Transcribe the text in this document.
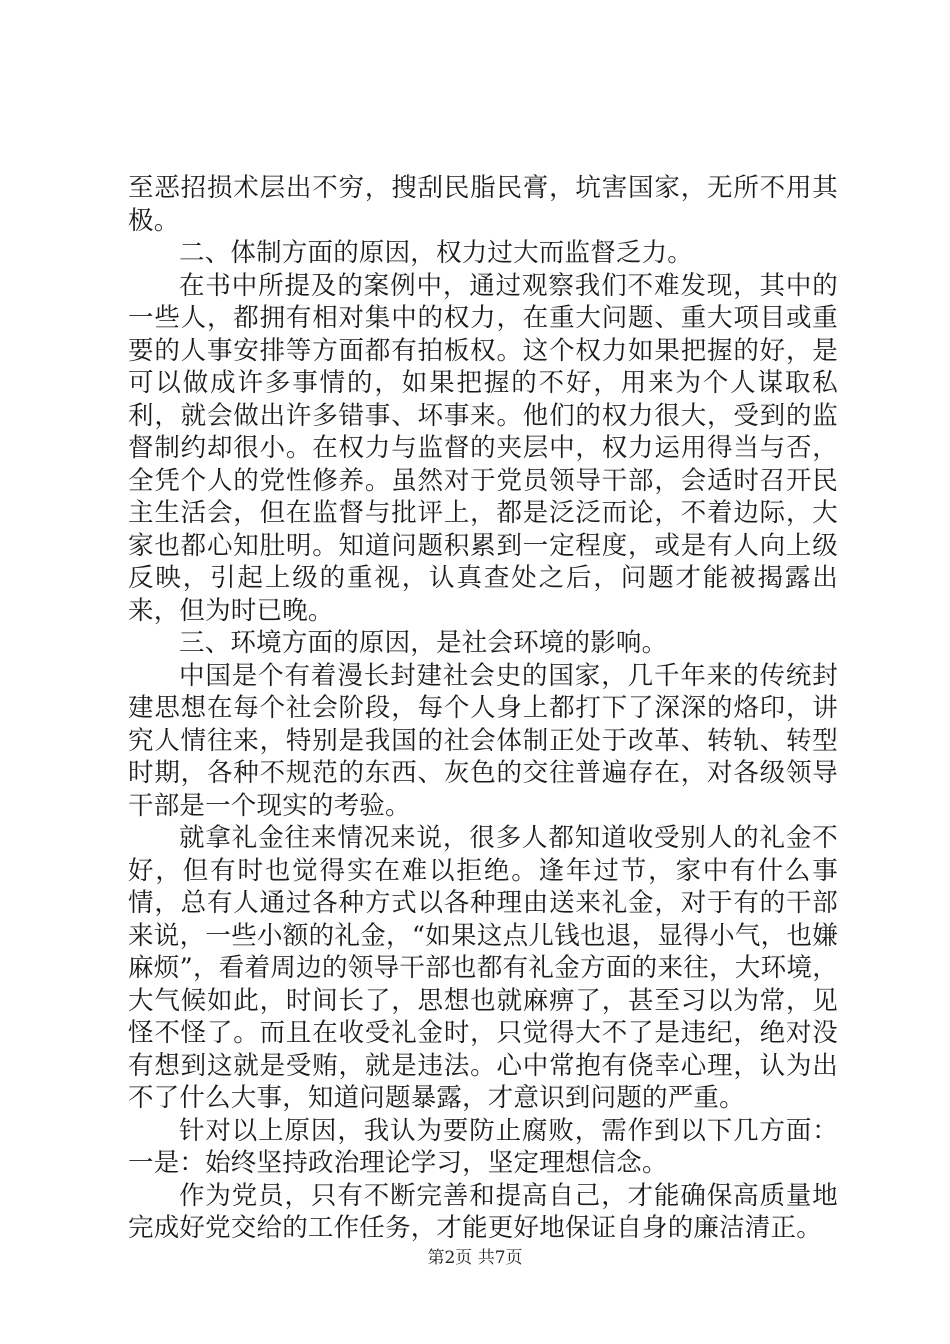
至恶招损术层出不穷，搜刮民脂民膏，坑害国家，无所不用其极。

二、体制方面的原因，权力过大而监督乏力。

在书中所提及的案例中，通过观察我们不难发现，其中的一些人，都拥有相对集中的权力，在重大问题、重大项目或重要的人事安排等方面都有拍板权。这个权力如果把握的好，是可以做成许多事情的，如果把握的不好，用来为个人谋取私利，就会做出许多错事、坏事来。他们的权力很大，受到的监督制约却很小。在权力与监督的夹层中，权力运用得当与否，全凭个人的党性修养。虽然对于党员领导干部，会适时召开民主生活会，但在监督与批评上，都是泛泛而论，不着边际，大家也都心知肚明。知道问题积累到一定程度，或是有人向上级反映，引起上级的重视，认真查处之后，问题才能被揭露出来，但为时已晚。

三、环境方面的原因，是社会环境的影响。

中国是个有着漫长封建社会史的国家，几千年来的传统封建思想在每个社会阶段，每个人身上都打下了深深的烙印，讲究人情往来，特别是我国的社会体制正处于改革、转轨、转型时期，各种不规范的东西、灰色的交往普遍存在，对各级领导干部是一个现实的考验。

就拿礼金往来情况来说，很多人都知道收受别人的礼金不好，但有时也觉得实在难以拒绝。逢年过节，家中有什么事情，总有人通过各种方式以各种理由送来礼金，对于有的干部来说，一些小额的礼金，“如果这点儿钱也退，显得小气，也嫌麻烦”，看着周边的领导干部也都有礼金方面的来往，大环境，大气候如此，时间长了，思想也就麻痹了，甚至习以为常，见怪不怪了。而且在收受礼金时，只觉得大不了是违纪，绝对没有想到这就是受贿，就是违法。心中常抱有侥幸心理，认为出不了什么大事，知道问题暴露，才意识到问题的严重。

针对以上原因，我认为要防止腐败，需作到以下几方面：一是：始终坚持政治理论学习，坚定理想信念。

作为党员，只有不断完善和提高自己，才能确保高质量地完成好党交给的工作任务，才能更好地保证自身的廉洁清正。

第2页 共7页
